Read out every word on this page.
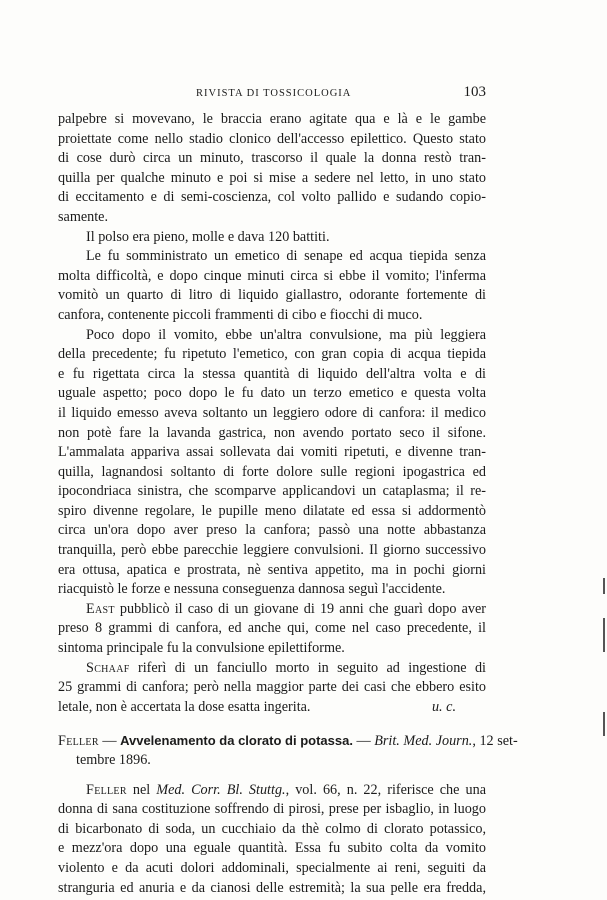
RIVISTA DI TOSSICOLOGIA	103
palpebre si movevano, le braccia erano agitate qua e là e le gambe
proiettate come nello stadio clonico dell'accesso epilettico. Questo stato
di cose durò circa un minuto, trascorso il quale la donna restò tran-
quilla per qualche minuto e poi si mise a sedere nel letto, in uno stato
di eccitamento e di semi-coscienza, col volto pallido e sudando copio-
samente.
Il polso era pieno, molle e dava 120 battiti.
Le fu somministrato un emetico di senape ed acqua tiepida senza
molta difficoltà, e dopo cinque minuti circa si ebbe il vomito; l'inferma
vomitò un quarto di litro di liquido giallastro, odorante fortemente di
canfora, contenente piccoli frammenti di cibo e fiocchi di muco.
Poco dopo il vomito, ebbe un'altra convulsione, ma più leggiera
della precedente; fu ripetuto l'emetico, con gran copia di acqua tiepida
e fu rigettata circa la stessa quantità di liquido dell'altra volta e di
uguale aspetto; poco dopo le fu dato un terzo emetico e questa volta
il liquido emesso aveva soltanto un leggiero odore di canfora: il medico
non potè fare la lavanda gastrica, non avendo portato seco il sifone.
L'ammalata appariva assai sollevata dai vomiti ripetuti, e divenne tran-
quilla, lagnandosi soltanto di forte dolore sulle regioni ipogastrica ed
ipocondriaca sinistra, che scomparve applicandovi un cataplasma; il re-
spiro divenne regolare, le pupille meno dilatate ed essa si addormentò
circa un'ora dopo aver preso la canfora; passò una notte abbastanza
tranquilla, però ebbe parecchie leggiere convulsioni. Il giorno successivo
era ottusa, apatica e prostrata, nè sentiva appetito, ma in pochi giorni
riacquistò le forze e nessuna conseguenza dannosa seguì l'accidente.
East pubblicò il caso di un giovane di 19 anni che guarì dopo aver
preso 8 grammi di canfora, ed anche qui, come nel caso precedente, il
sintoma principale fu la convulsione epilettiforme.
Schaaf riferì di un fanciullo morto in seguito ad ingestione di
25 grammi di canfora; però nella maggior parte dei casi che ebbero esito
letale, non è accertata la dose esatta ingerita.	u. c.
Feller — Avvelenamento da clorato di potassa. — Brit. Med. Journ., 12 set-
tembre 1896.
Feller nel Med. Corr. Bl. Stuttg., vol. 66, n. 22, riferisce che una
donna di sana costituzione soffrendo di pirosi, prese per isbaglio, in luogo
di bicarbonato di soda, un cucchiaio da thè colmo di clorato potassico,
e mezz'ora dopo una eguale quantità. Essa fu subito colta da vomito
violento e da acuti dolori addominali, specialmente ai reni, seguiti da
stranguria ed anuria e da cianosi delle estremità; la sua pelle era fredda,
